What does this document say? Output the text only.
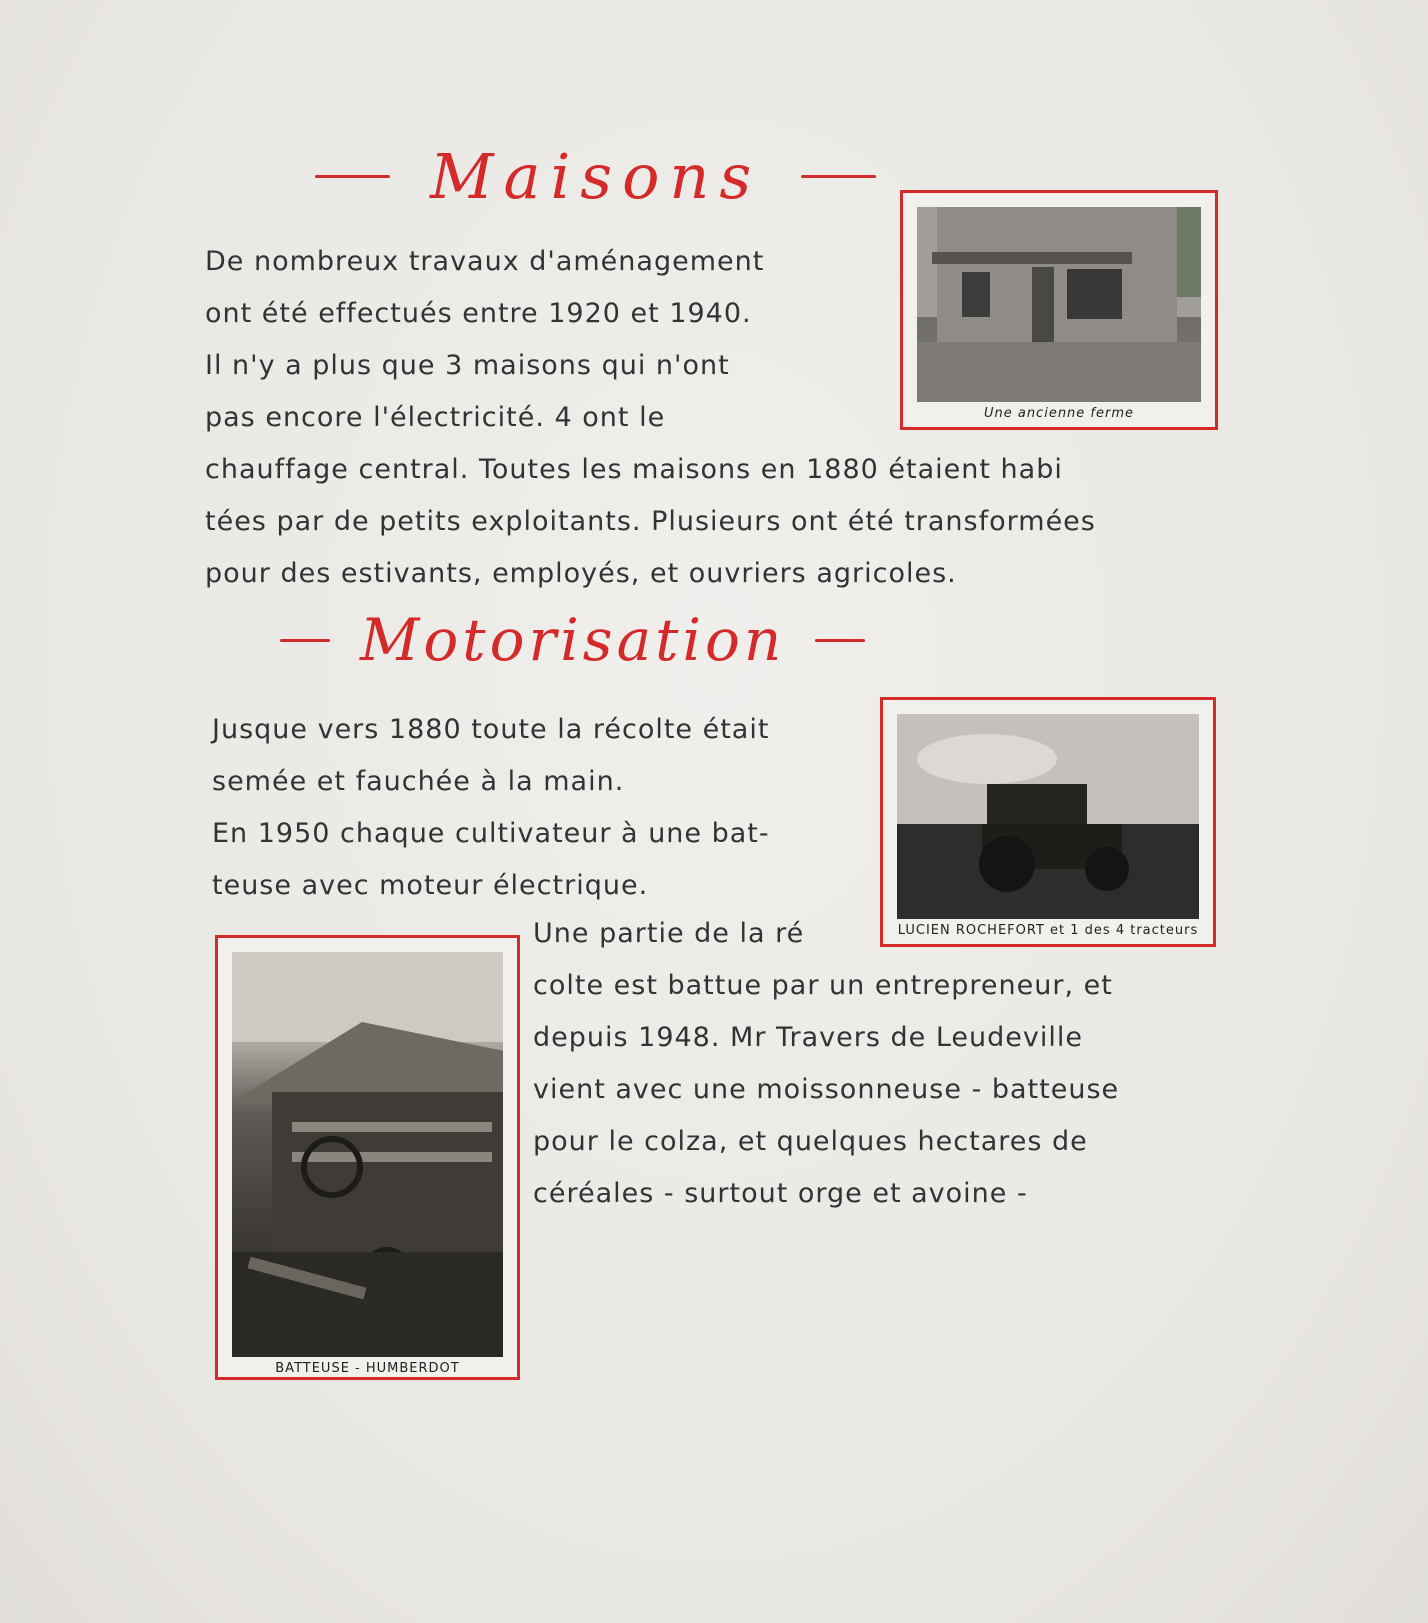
Maisons
De nombreux travaux d'aménagement
ont été effectués entre 1920 et 1940.
Il n'y a plus que 3 maisons qui n'ont
pas encore l'électricité. 4 ont le
chauffage central. Toutes les maisons en 1880 étaient habi
tées par de petits exploitants. Plusieurs ont été transformées
pour des estivants, employés, et ouvriers agricoles.
Une ancienne ferme
Motorisation
Jusque vers 1880 toute la récolte était
semée et fauchée à la main.
En 1950 chaque cultivateur à une bat-
teuse avec moteur électrique.
LUCIEN ROCHEFORT et 1 des 4 tracteurs
BATTEUSE - HUMBERDOT
Une partie de la ré
colte est battue par un entrepreneur, et
depuis 1948. Mr Travers de Leudeville
vient avec une moissonneuse - batteuse
pour le colza, et quelques hectares de
céréales - surtout orge et avoine -
